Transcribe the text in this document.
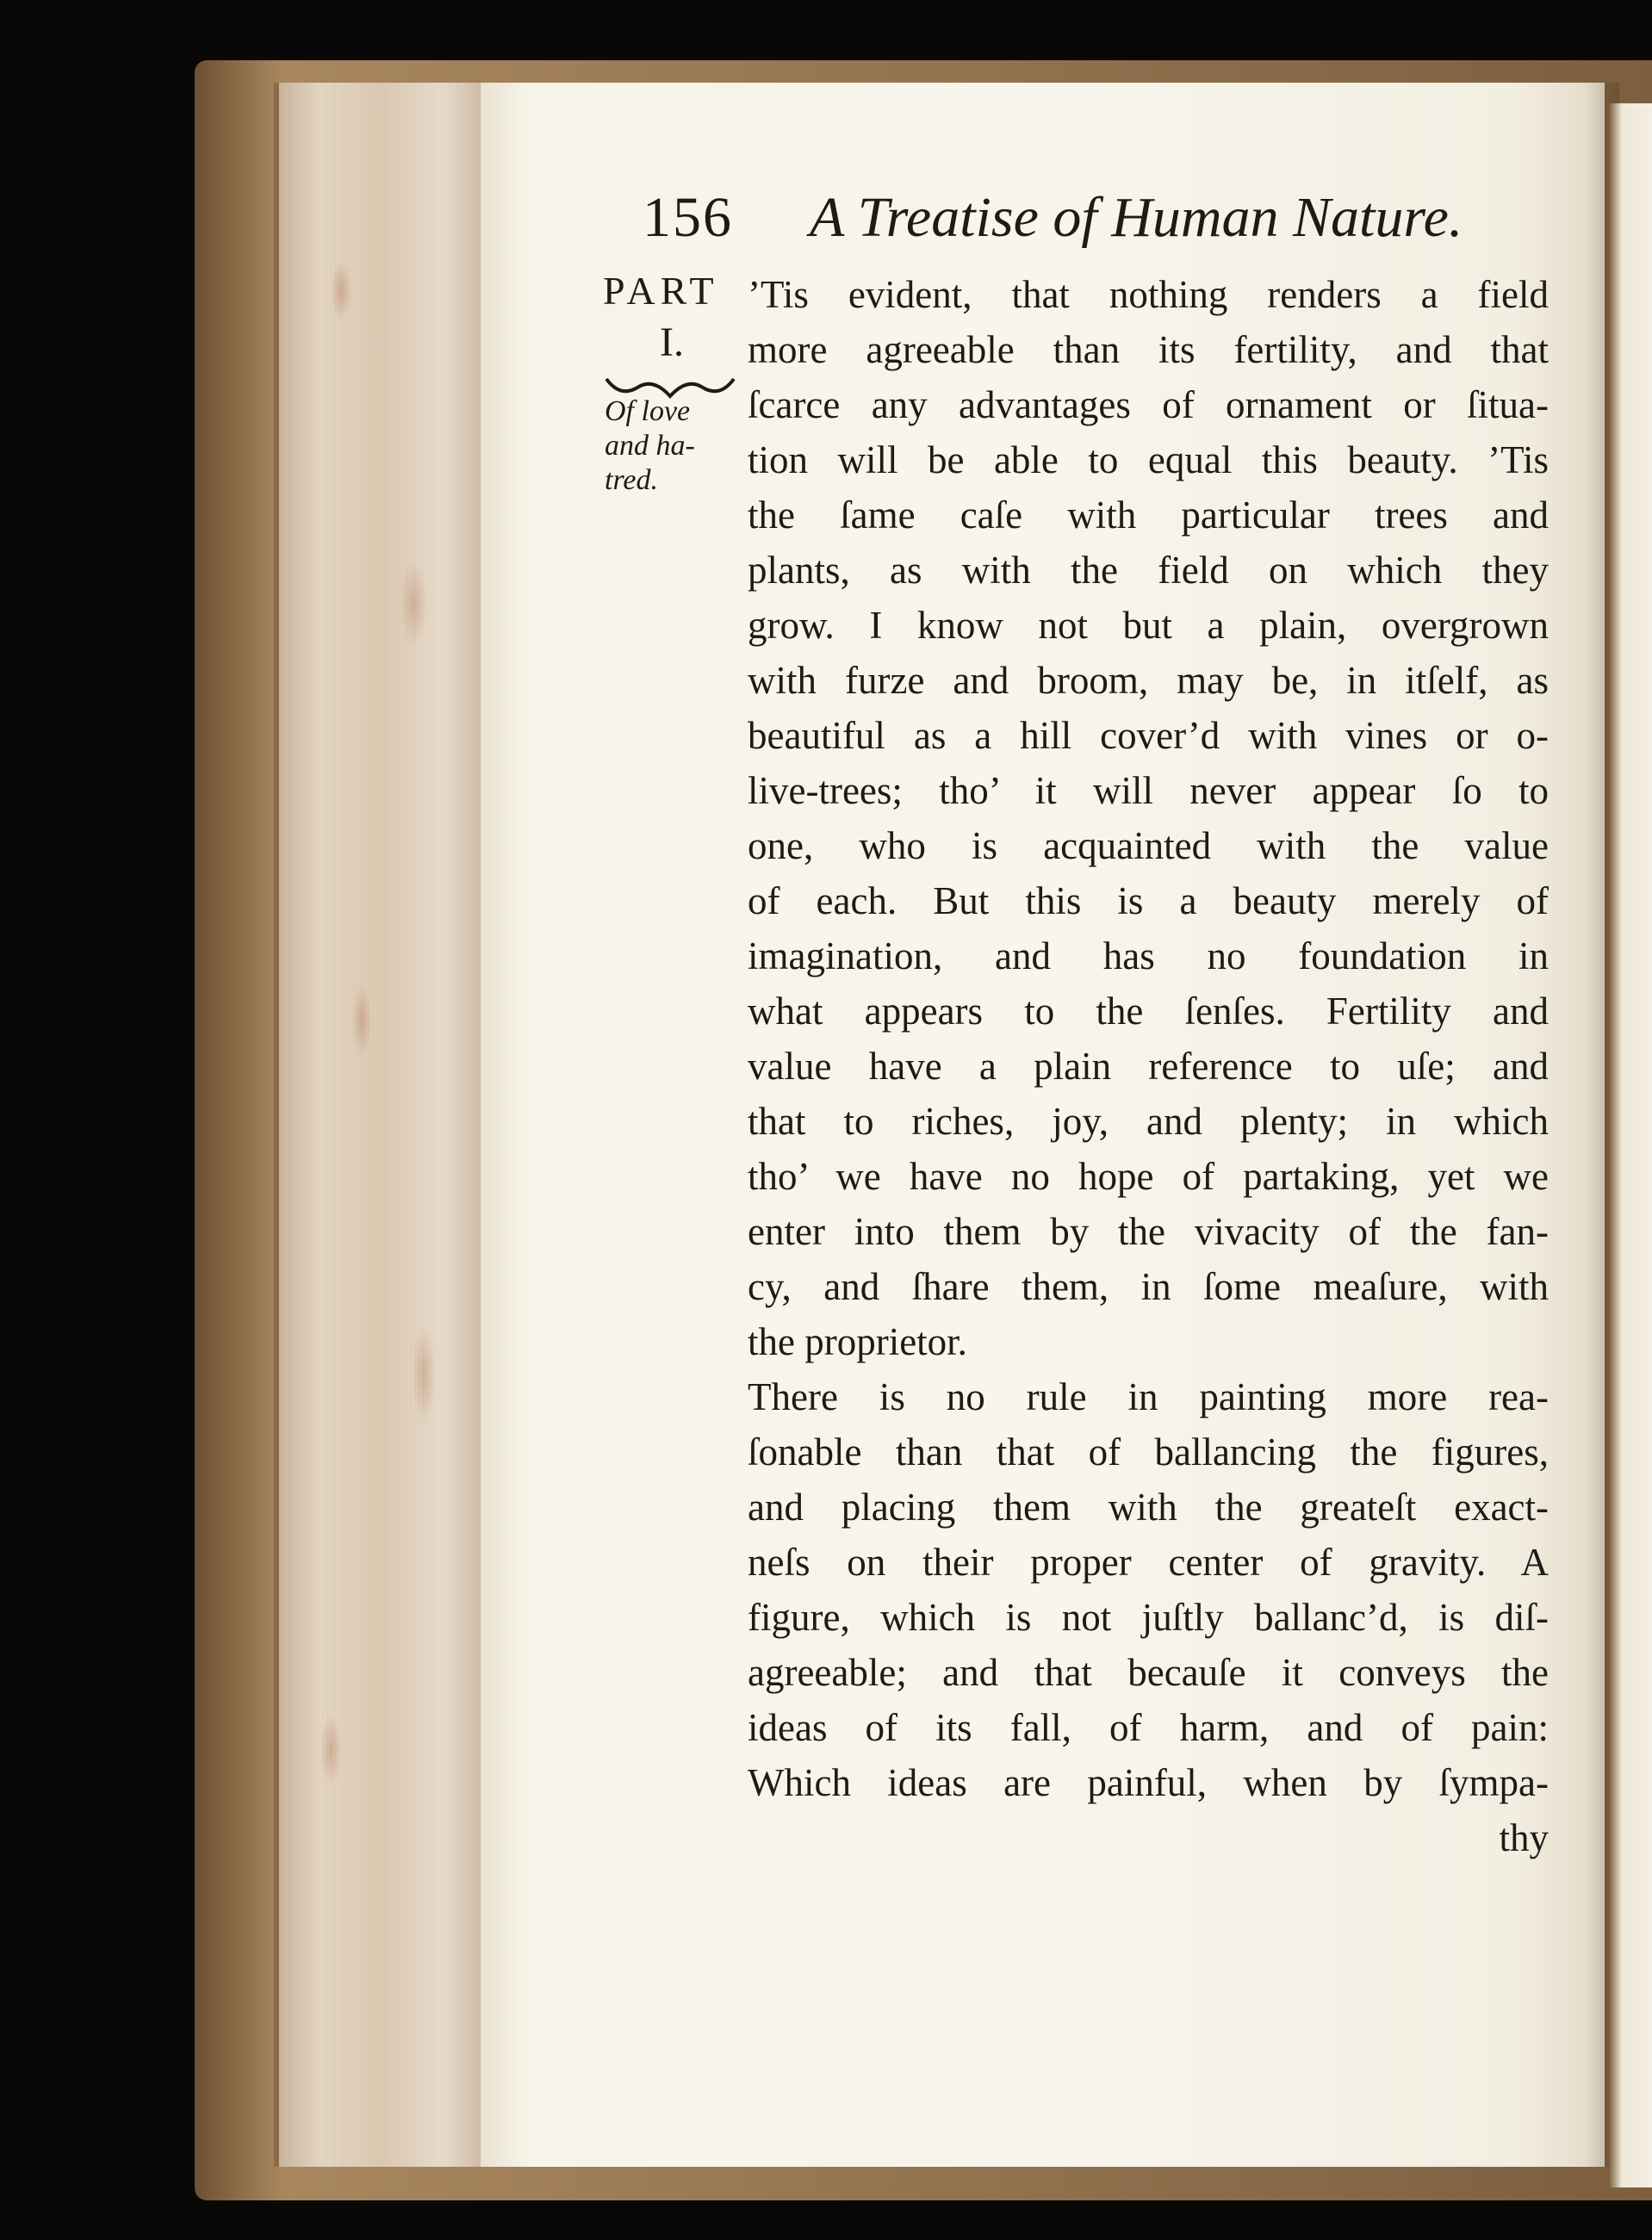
156 A Treatise of Human Nature.
PART
I.
Of love
and ha-
tred.
’Tis evident, that nothing renders a field
more agreeable than its fertility, and that
ſcarce any advantages of ornament or ſitua-
tion will be able to equal this beauty. ’Tis
the ſame caſe with particular trees and
plants, as with the field on which they
grow. I know not but a plain, overgrown
with furze and broom, may be, in itſelf, as
beautiful as a hill cover’d with vines or o-
live-trees; tho’ it will never appear ſo to
one, who is acquainted with the value
of each. But this is a beauty merely of
imagination, and has no foundation in
what appears to the ſenſes. Fertility and
value have a plain reference to uſe; and
that to riches, joy, and plenty; in which
tho’ we have no hope of partaking, yet we
enter into them by the vivacity of the fan-
cy, and ſhare them, in ſome meaſure, with
the proprietor.
There is no rule in painting more rea-
ſonable than that of ballancing the figures,
and placing them with the greateſt exact-
neſs on their proper center of gravity. A
figure, which is not juſtly ballanc’d, is diſ-
agreeable; and that becauſe it conveys the
ideas of its fall, of harm, and of pain:
Which ideas are painful, when by ſympa-
thy
